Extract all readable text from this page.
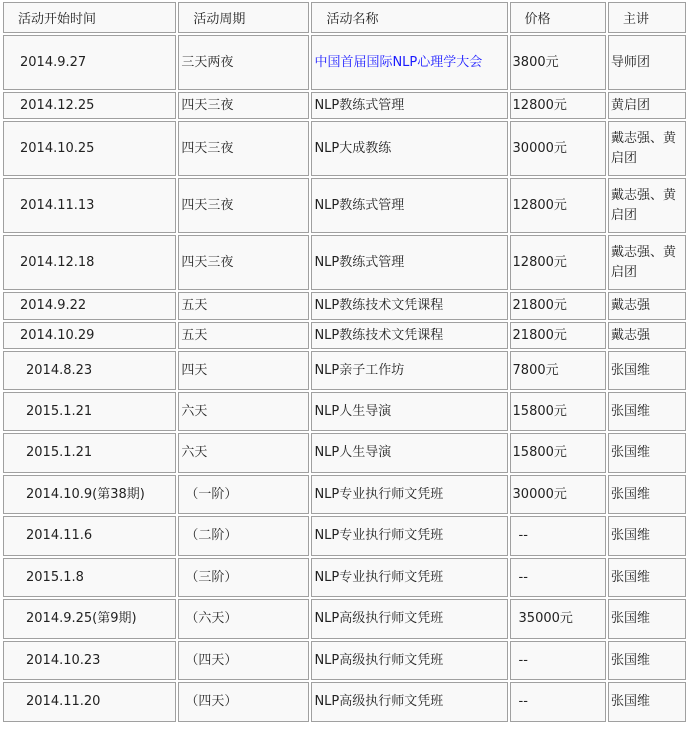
活动开始时间	活动周期	活动名称	价格	主讲
2014.9.27	三天两夜	中国首届国际NLP心理学大会	3800元	导师团
2014.12.25	四天三夜	NLP教练式管理	12800元	黄启团
2014.10.25	四天三夜	NLP大成教练	30000元	戴志强、黄启团
2014.11.13	四天三夜	NLP教练式管理	12800元	戴志强、黄启团
2014.12.18	四天三夜	NLP教练式管理	12800元	戴志强、黄启团
2014.9.22	五天	NLP教练技术文凭课程	21800元	戴志强
2014.10.29	五天	NLP教练技术文凭课程	21800元	戴志强
2014.8.23	四天	NLP亲子工作坊	7800元	张国维
2015.1.21	六天	NLP人生导演	15800元	张国维
2015.1.21	六天	NLP人生导演	15800元	张国维
2014.10.9(第38期)	（一阶）	NLP专业执行师文凭班	30000元	张国维
2014.11.6	（二阶）	NLP专业执行师文凭班	--	张国维
2015.1.8	（三阶）	NLP专业执行师文凭班	--	张国维
2014.9.25(第9期)	（六天）	NLP高级执行师文凭班	35000元	张国维
2014.10.23	（四天）	NLP高级执行师文凭班	--	张国维
2014.11.20	（四天）	NLP高级执行师文凭班	--	张国维
